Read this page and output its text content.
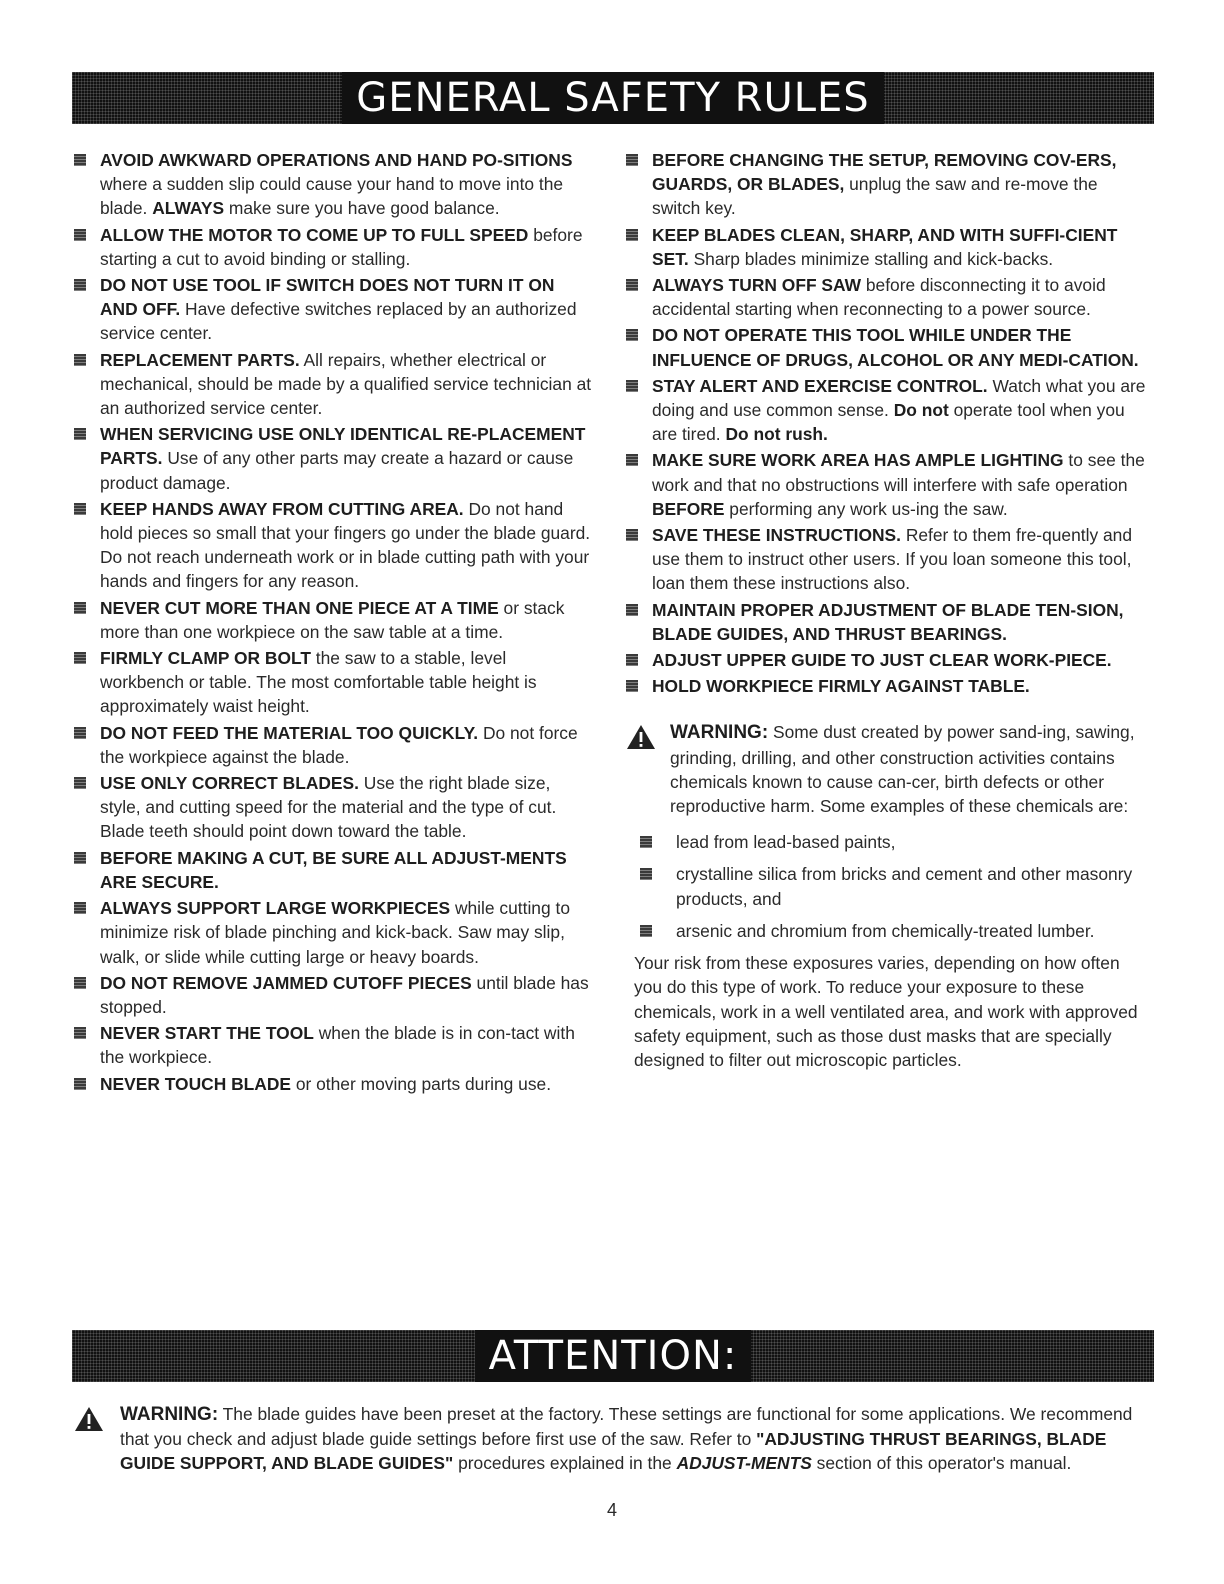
GENERAL SAFETY RULES
AVOID AWKWARD OPERATIONS AND HAND PO-SITIONS where a sudden slip could cause your hand to move into the blade. ALWAYS make sure you have good balance.
ALLOW THE MOTOR TO COME UP TO FULL SPEED before starting a cut to avoid binding or stalling.
DO NOT USE TOOL IF SWITCH DOES NOT TURN IT ON AND OFF. Have defective switches replaced by an authorized service center.
REPLACEMENT PARTS. All repairs, whether electrical or mechanical, should be made by a qualified service technician at an authorized service center.
WHEN SERVICING USE ONLY IDENTICAL RE-PLACEMENT PARTS. Use of any other parts may create a hazard or cause product damage.
KEEP HANDS AWAY FROM CUTTING AREA. Do not hand hold pieces so small that your fingers go under the blade guard. Do not reach underneath work or in blade cutting path with your hands and fingers for any reason.
NEVER CUT MORE THAN ONE PIECE AT A TIME or stack more than one workpiece on the saw table at a time.
FIRMLY CLAMP OR BOLT the saw to a stable, level workbench or table. The most comfortable table height is approximately waist height.
DO NOT FEED THE MATERIAL TOO QUICKLY. Do not force the workpiece against the blade.
USE ONLY CORRECT BLADES. Use the right blade size, style, and cutting speed for the material and the type of cut. Blade teeth should point down toward the table.
BEFORE MAKING A CUT, BE SURE ALL ADJUST-MENTS ARE SECURE.
ALWAYS SUPPORT LARGE WORKPIECES while cutting to minimize risk of blade pinching and kick-back. Saw may slip, walk, or slide while cutting large or heavy boards.
DO NOT REMOVE JAMMED CUTOFF PIECES until blade has stopped.
NEVER START THE TOOL when the blade is in con-tact with the workpiece.
NEVER TOUCH BLADE or other moving parts during use.
BEFORE CHANGING THE SETUP, REMOVING COV-ERS, GUARDS, OR BLADES, unplug the saw and re-move the switch key.
KEEP BLADES CLEAN, SHARP, AND WITH SUFFI-CIENT SET. Sharp blades minimize stalling and kick-backs.
ALWAYS TURN OFF SAW before disconnecting it to avoid accidental starting when reconnecting to a power source.
DO NOT OPERATE THIS TOOL WHILE UNDER THE INFLUENCE OF DRUGS, ALCOHOL OR ANY MEDI-CATION.
STAY ALERT AND EXERCISE CONTROL. Watch what you are doing and use common sense. Do not operate tool when you are tired. Do not rush.
MAKE SURE WORK AREA HAS AMPLE LIGHTING to see the work and that no obstructions will interfere with safe operation BEFORE performing any work us-ing the saw.
SAVE THESE INSTRUCTIONS. Refer to them fre-quently and use them to instruct other users. If you loan someone this tool, loan them these instructions also.
MAINTAIN PROPER ADJUSTMENT OF BLADE TEN-SION, BLADE GUIDES, AND THRUST BEARINGS.
ADJUST UPPER GUIDE TO JUST CLEAR WORK-PIECE.
HOLD WORKPIECE FIRMLY AGAINST TABLE.
WARNING: Some dust created by power sand-ing, sawing, grinding, drilling, and other construction activities contains chemicals known to cause can-cer, birth defects or other reproductive harm. Some examples of these chemicals are:
lead from lead-based paints,
crystalline silica from bricks and cement and other masonry products, and
arsenic and chromium from chemically-treated lumber.
Your risk from these exposures varies, depending on how often you do this type of work. To reduce your exposure to these chemicals, work in a well ventilated area, and work with approved safety equipment, such as those dust masks that are specially designed to filter out microscopic particles.
ATTENTION:
WARNING: The blade guides have been preset at the factory. These settings are functional for some applications. We recommend that you check and adjust blade guide settings before first use of the saw. Refer to "ADJUSTING THRUST BEARINGS, BLADE GUIDE SUPPORT, AND BLADE GUIDES" procedures explained in the ADJUST-MENTS section of this operator's manual.
4
